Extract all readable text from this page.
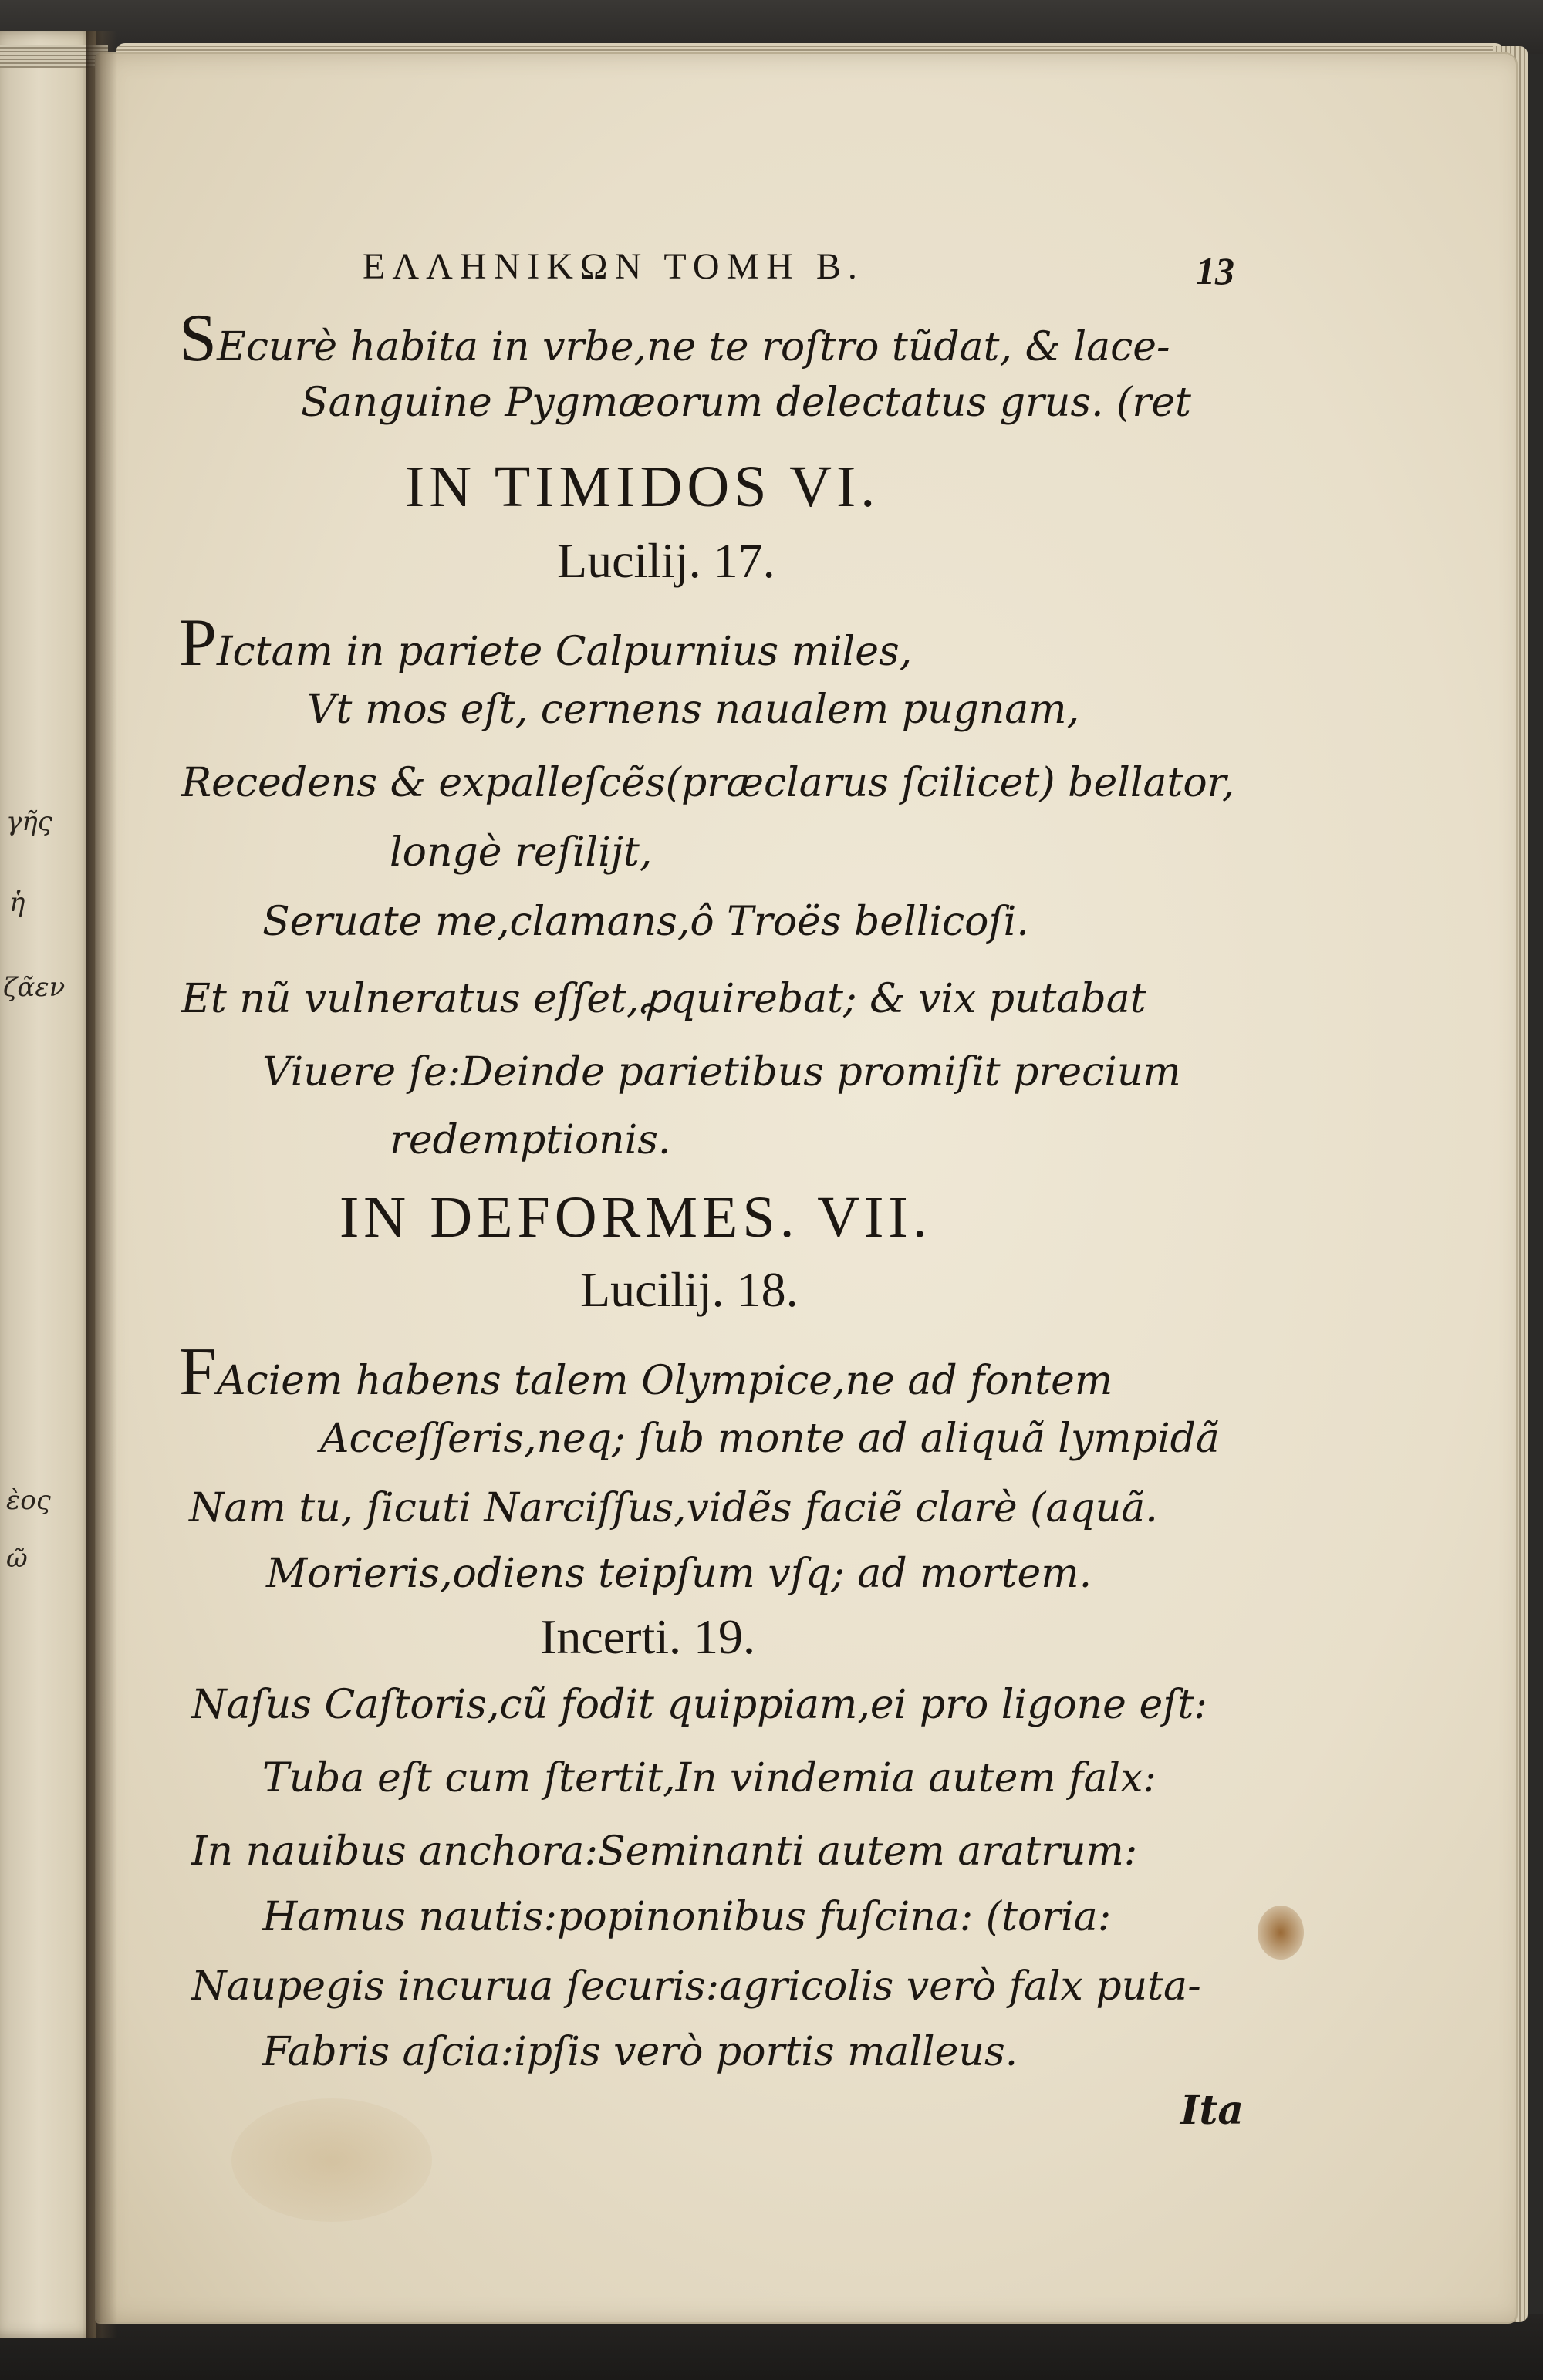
γῆς
ἡ
ζᾶεν
ὲος
ῶ
ΕΛΛΗΝΙΚΩΝ ΤΟΜΗ Β.	13
SEcurè habita in vrbe,ne te roſtro tũdat, & lace-
Sanguine Pygmæorum delectatus grus. (ret
IN TIMIDOS VI.
Lucilij. 17.
PIctam in pariete Calpurnius miles,
Vt mos eſt, cernens naualem pugnam,
Recedens & expalleſcẽs(præclarus ſcilicet) bellator,
longè reſilijt,
Seruate me,clamans,ô Troës bellicoſi.
Et nũ vulneratus eſſet,ꝓquirebat; & vix putabat
Viuere ſe:Deinde parietibus promiſit precium
redemptionis.
IN DEFORMES. VII.
Lucilij. 18.
FAciem habens talem Olympice,ne ad fontem
Acceſſeris,neq; ſub monte ad aliquã lympidã
Nam tu, ſicuti Narciſſus,vidẽs faciẽ clarè (aquã.
Morieris,odiens teipſum vſq; ad mortem.
Incerti. 19.
Naſus Caſtoris,cũ fodit quippiam,ei pro ligone eſt:
Tuba eſt cum ſtertit,In vindemia autem falx:
In nauibus anchora:Seminanti autem aratrum:
Hamus nautis:popinonibus fuſcina: (toria:
Naupegis incurua ſecuris:agricolis verò falx puta-
Fabris aſcia:ipſis verò portis malleus.
Ita
